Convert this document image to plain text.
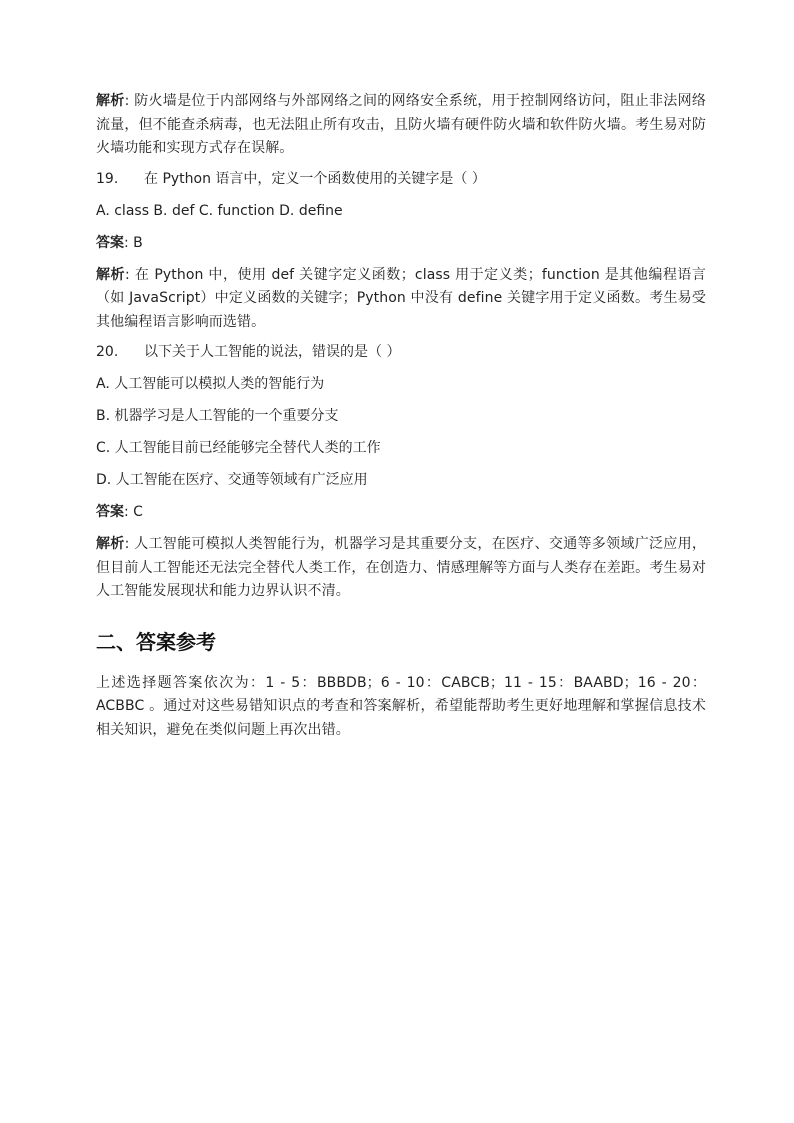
解析: 防火墙是位于内部网络与外部网络之间的网络安全系统，用于控制网络访问，阻止非法网络流量，但不能查杀病毒，也无法阻止所有攻击，且防火墙有硬件防火墙和软件防火墙。考生易对防火墙功能和实现方式存在误解。

19. 在 Python 语言中，定义一个函数使用的关键字是（ ）
A. class B. def C. function D. define
答案: B

解析: 在 Python 中，使用 def 关键字定义函数；class 用于定义类；function 是其他编程语言（如 JavaScript）中定义函数的关键字；Python 中没有 define 关键字用于定义函数。考生易受其他编程语言影响而选错。

20. 以下关于人工智能的说法，错误的是（ ）
A. 人工智能可以模拟人类的智能行为
B. 机器学习是人工智能的一个重要分支
C. 人工智能目前已经能够完全替代人类的工作
D. 人工智能在医疗、交通等领域有广泛应用
答案: C

解析: 人工智能可模拟人类智能行为，机器学习是其重要分支，在医疗、交通等多领域广泛应用，但目前人工智能还无法完全替代人类工作，在创造力、情感理解等方面与人类存在差距。考生易对人工智能发展现状和能力边界认识不清。

二、答案参考

上述选择题答案依次为：1 - 5：BBBDB；6 - 10：CABCB；11 - 15：BAABD；16 - 20：ACBBC 。通过对这些易错知识点的考查和答案解析，希望能帮助考生更好地理解和掌握信息技术相关知识，避免在类似问题上再次出错。
